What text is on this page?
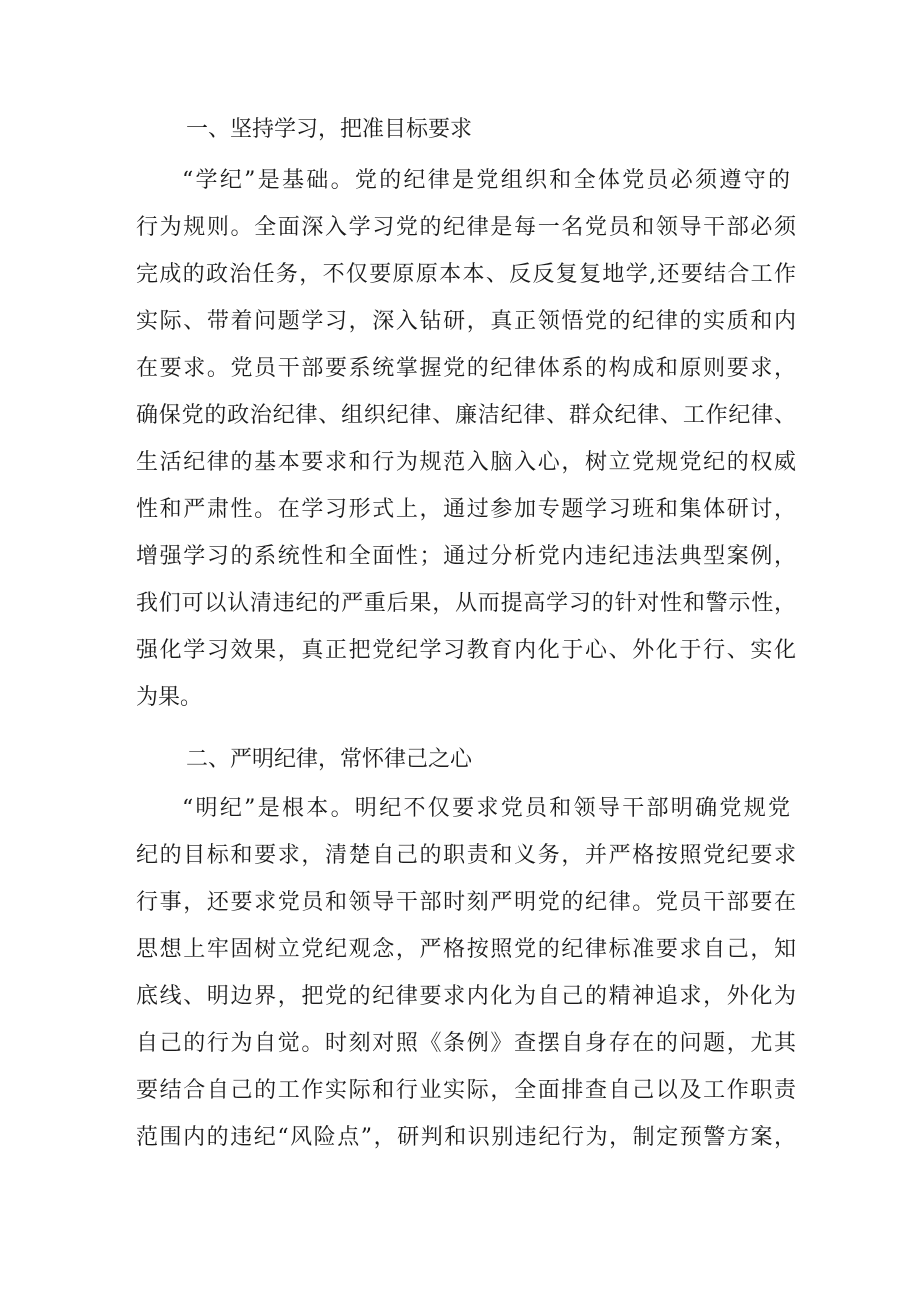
一、坚持学习，把准目标要求
“学纪”是基础。党的纪律是党组织和全体党员必须遵守的
行为规则。全面深入学习党的纪律是每一名党员和领导干部必须
完成的政治任务，不仅要原原本本、反反复复地学,还要结合工作
实际、带着问题学习，深入钻研，真正领悟党的纪律的实质和内
在要求。党员干部要系统掌握党的纪律体系的构成和原则要求，
确保党的政治纪律、组织纪律、廉洁纪律、群众纪律、工作纪律、
生活纪律的基本要求和行为规范入脑入心，树立党规党纪的权威
性和严肃性。在学习形式上，通过参加专题学习班和集体研讨，
增强学习的系统性和全面性；通过分析党内违纪违法典型案例，
我们可以认清违纪的严重后果，从而提高学习的针对性和警示性，
强化学习效果，真正把党纪学习教育内化于心、外化于行、实化
为果。
二、严明纪律，常怀律己之心
“明纪”是根本。明纪不仅要求党员和领导干部明确党规党
纪的目标和要求，清楚自己的职责和义务，并严格按照党纪要求
行事，还要求党员和领导干部时刻严明党的纪律。党员干部要在
思想上牢固树立党纪观念，严格按照党的纪律标准要求自己，知
底线、明边界，把党的纪律要求内化为自己的精神追求，外化为
自己的行为自觉。时刻对照《条例》查摆自身存在的问题，尤其
要结合自己的工作实际和行业实际，全面排查自己以及工作职责
范围内的违纪“风险点”，研判和识别违纪行为，制定预警方案，
